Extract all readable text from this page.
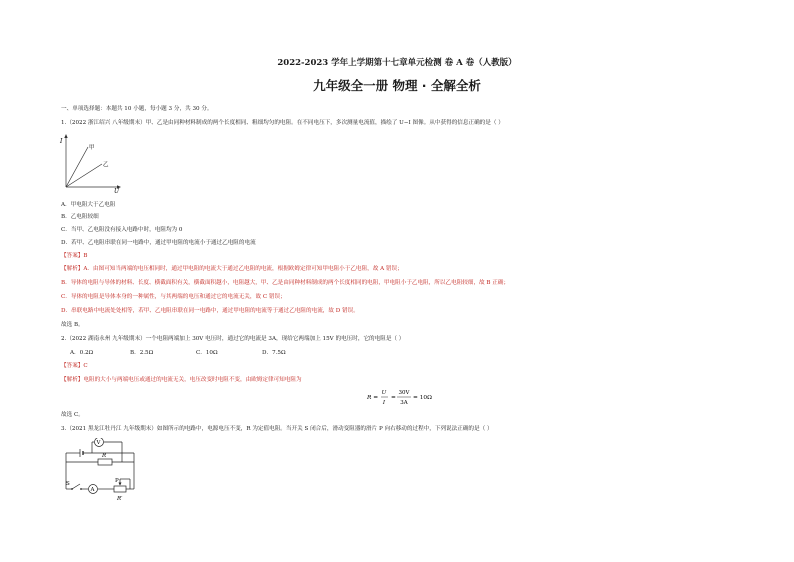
2022-2023 学年上学期第十七章单元检测 卷 A 卷（人教版）
九年级全一册 物理 · 全解全析
一、单项选择题：本题共 10 小题，每小题 3 分，共 30 分。
1.（2022 浙江绍兴 八年级期末）甲、乙是由同种材料制成的两个长度相同、粗细均匀的电阻。在不同电压下，多次测量电流值，描绘了 U−I 图像。从中获得的信息正确的是（ ）
I
U
甲
乙
A．甲电阻大于乙电阻
B．乙电阻较细
C．当甲、乙电阻没有接入电路中时，电阻均为 0
D．若甲、乙电阻串联在同一电路中，通过甲电阻的电流小于通过乙电阻的电流
【答案】B
【解析】A．由图可知当两端的电压相同时，通过甲电阻的电流大于通过乙电阻的电流，根据欧姆定律可知甲电阻小于乙电阻，故 A 错误；
B．导体的电阻与导体的材料、长度、横截面积有关，横截面积越小，电阻越大，甲、乙是由同种材料制成的两个长度相同的电阻，甲电阻小于乙电阻，所以乙电阻较细，故 B 正确；
C．导体的电阻是导体本身的一种属性，与其两端的电压和通过它的电流无关，故 C 错误；
D．串联电路中电流处处相等，若甲、乙电阻串联在同一电路中，通过甲电阻的电流等于通过乙电阻的电流，故 D 错误。
故选 B。
2.（2022 湖南永州 九年级期末）一个电阻两端加上 30V 电压时，通过它的电流是 3A，现给它两端加上 15V 的电压时，它的电阻是（ ）
A．0.2Ω	B．2.5Ω	C．10Ω	D．7.5Ω
【答案】C
【解析】电阻的大小与两端电压或通过的电流无关，电压改变时电阻不变，由欧姆定律可知电阻为
R =
U
I
=
30V
3A
= 10Ω
故选 C。
3.（2021 黑龙江牡丹江 九年级期末）如图所示的电路中，电源电压不变，R 为定值电阻。当开关 S 闭合后，滑动变阻器的滑片 P 向右移动的过程中，下列说法正确的是（ ）
V
A
R
S	P
R′
